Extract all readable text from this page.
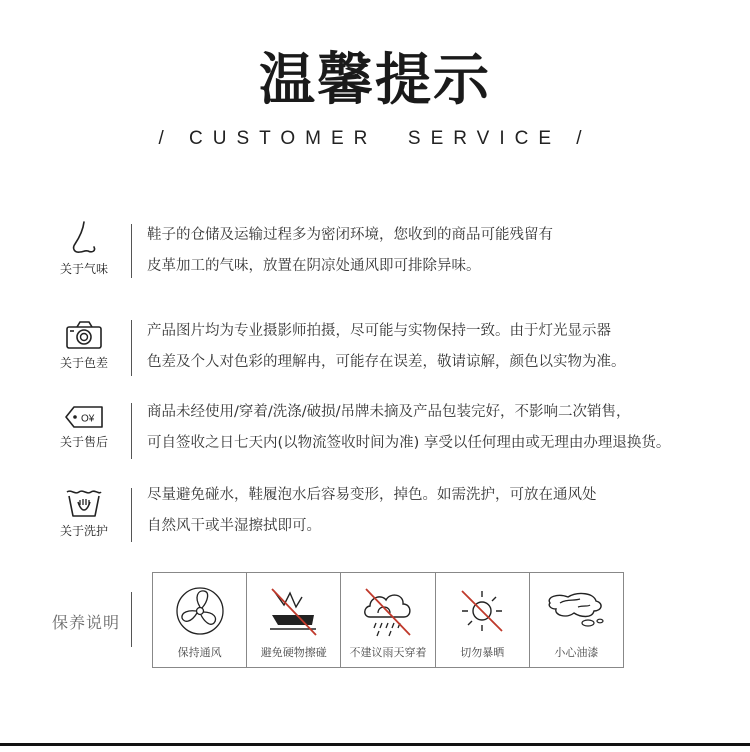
温馨提示
/ CUSTOMER  SERVICE /
关于气味
鞋子的仓储及运输过程多为密闭环境，您收到的商品可能残留有
皮革加工的气味，放置在阴凉处通风即可排除异味。
关于色差
产品图片均为专业摄影师拍摄，尽可能与实物保持一致。由于灯光显示器
色差及个人对色彩的理解冉，可能存在误差，敬请谅解，颜色以实物为准。
O¥
关于售后
商品未经使用/穿着/洗涤/破损/吊牌未摘及产品包装完好，不影响二次销售，
可自签收之日七天内(以物流签收时间为准) 享受以任何理由或无理由办理退换货。
关于洗护
尽量避免碰水，鞋履泡水后容易变形，掉色。如需洗护，可放在通风处
自然风干或半湿擦拭即可。
保养说明
保持通风	避免硬物擦碰	不建议雨天穿着	切勿暴晒	小心油漆
